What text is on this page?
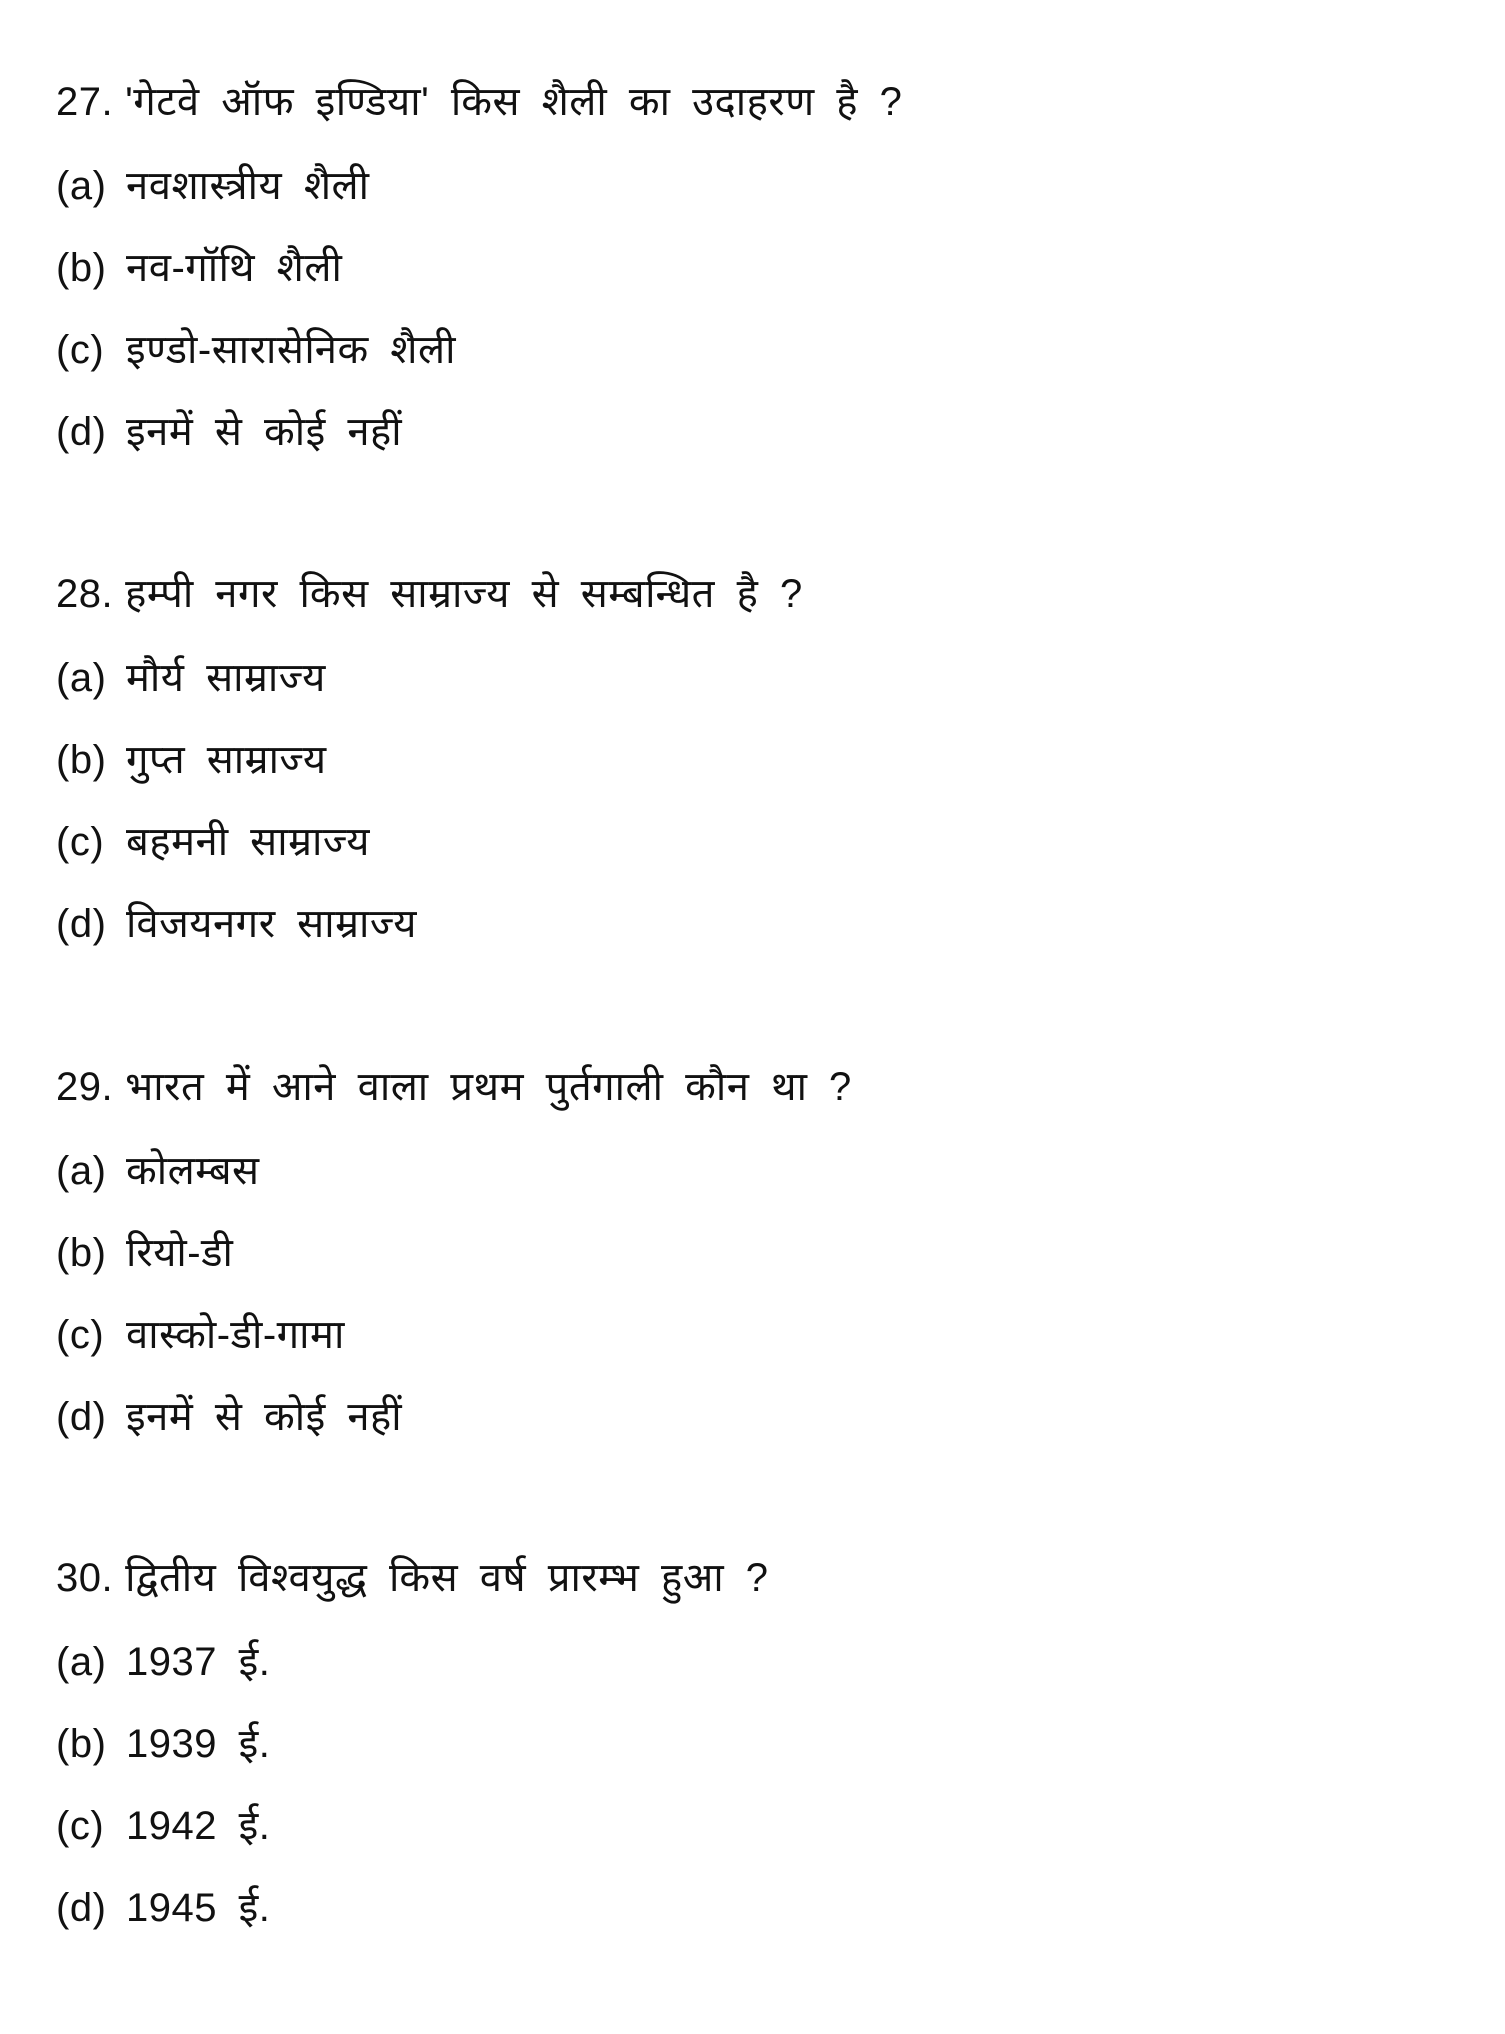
27. 'गेटवे ऑफ इण्डिया' किस शैली का उदाहरण है ?
(a) नवशास्त्रीय शैली
(b) नव-गॉथि शैली
(c) इण्डो-सारासेनिक शैली
(d) इनमें से कोई नहीं
28. हम्पी नगर किस साम्राज्य से सम्बन्धित है ?
(a) मौर्य साम्राज्य
(b) गुप्त साम्राज्य
(c) बहमनी साम्राज्य
(d) विजयनगर साम्राज्य
29. भारत में आने वाला प्रथम पुर्तगाली कौन था ?
(a) कोलम्बस
(b) रियो-डी
(c) वास्को-डी-गामा
(d) इनमें से कोई नहीं
30. द्वितीय विश्वयुद्ध किस वर्ष प्रारम्भ हुआ ?
(a) 1937 ई.
(b) 1939 ई.
(c) 1942 ई.
(d) 1945 ई.
